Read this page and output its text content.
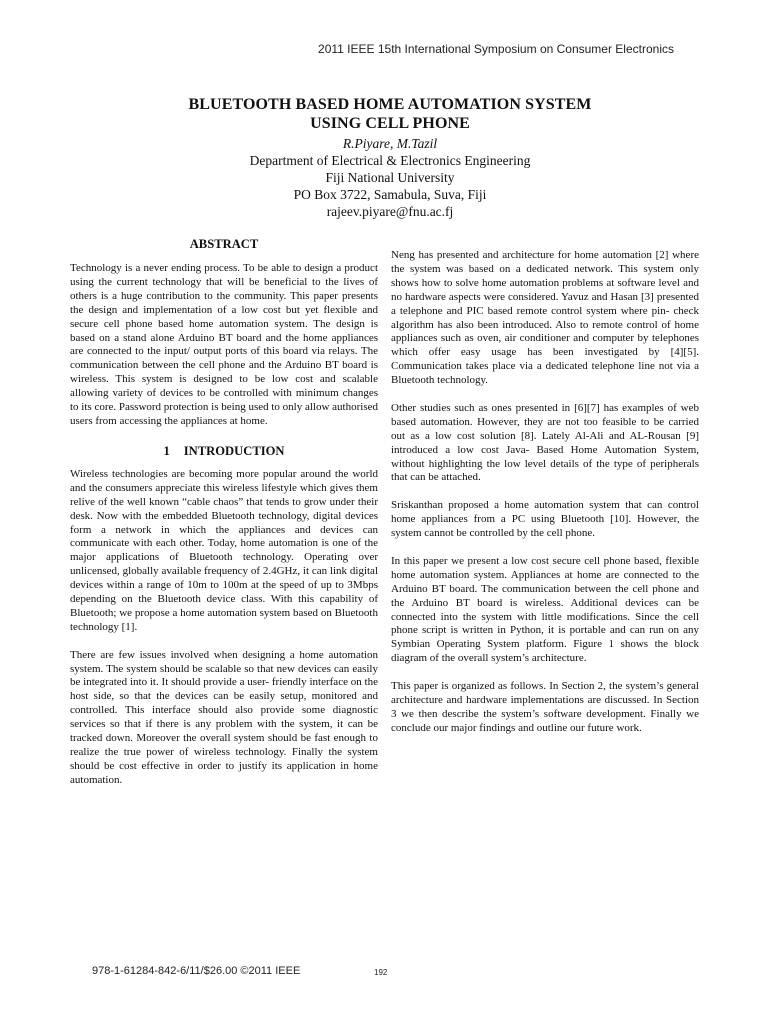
2011 IEEE 15th International Symposium on Consumer Electronics
BLUETOOTH BASED HOME AUTOMATION SYSTEM
USING CELL PHONE
R.Piyare, M.Tazil
Department of Electrical & Electronics Engineering
Fiji National University
PO Box 3722, Samabula, Suva, Fiji
rajeev.piyare@fnu.ac.fj
ABSTRACT

Technology is a never ending process. To be able to design a product using the current technology that will be beneficial to the lives of others is a huge contribution to the community. This paper presents the design and implementation of a low cost but yet flexible and secure cell phone based home automation system. The design is based on a stand alone Arduino BT board and the home appliances are connected to the input/ output ports of this board via relays. The communication between the cell phone and the Arduino BT board is wireless. This system is designed to be low cost and scalable allowing variety of devices to be controlled with minimum changes to its core. Password protection is being used to only allow authorised users from accessing the appliances at home.

1 INTRODUCTION

Wireless technologies are becoming more popular around the world and the consumers appreciate this wireless lifestyle which gives them relive of the well known “cable chaos” that tends to grow under their desk. Now with the embedded Bluetooth technology, digital devices form a network in which the appliances and devices can communicate with each other. Today, home automation is one of the major applications of Bluetooth technology. Operating over unlicensed, globally available frequency of 2.4GHz, it can link digital devices within a range of 10m to 100m at the speed of up to 3Mbps depending on the Bluetooth device class. With this capability of Bluetooth; we propose a home automation system based on Bluetooth technology [1].

There are few issues involved when designing a home automation system. The system should be scalable so that new devices can easily be integrated into it. It should provide a user- friendly interface on the host side, so that the devices can be easily setup, monitored and controlled. This interface should also provide some diagnostic services so that if there is any problem with the system, it can be tracked down. Moreover the overall system should be fast enough to realize the true power of wireless technology. Finally the system should be cost effective in order to justify its application in home automation.

Neng has presented and architecture for home automation [2] where the system was based on a dedicated network. This system only shows how to solve home automation problems at software level and no hardware aspects were considered. Yavuz and Hasan [3] presented a telephone and PIC based remote control system where pin- check algorithm has also been introduced. Also to remote control of home appliances such as oven, air conditioner and computer by telephones which offer easy usage has been investigated by [4][5]. Communication takes place via a dedicated telephone line not via a Bluetooth technology.

Other studies such as ones presented in [6][7] has examples of web based automation. However, they are not too feasible to be carried out as a low cost solution [8]. Lately Al-Ali and AL-Rousan [9] introduced a low cost Java- Based Home Automation System, without highlighting the low level details of the type of peripherals that can be attached.

Sriskanthan proposed a home automation system that can control home appliances from a PC using Bluetooth [10]. However, the system cannot be controlled by the cell phone.

In this paper we present a low cost secure cell phone based, flexible home automation system. Appliances at home are connected to the Arduino BT board. The communication between the cell phone and the Arduino BT board is wireless. Additional devices can be connected into the system with little modifications. Since the cell phone script is written in Python, it is portable and can run on any Symbian Operating System platform. Figure 1 shows the block diagram of the overall system’s architecture.

This paper is organized as follows. In Section 2, the system’s general architecture and hardware implementations are discussed. In Section 3 we then describe the system’s software development. Finally we conclude our major findings and outline our future work.

978-1-61284-842-6/11/$26.00 ©2011 IEEE	192
